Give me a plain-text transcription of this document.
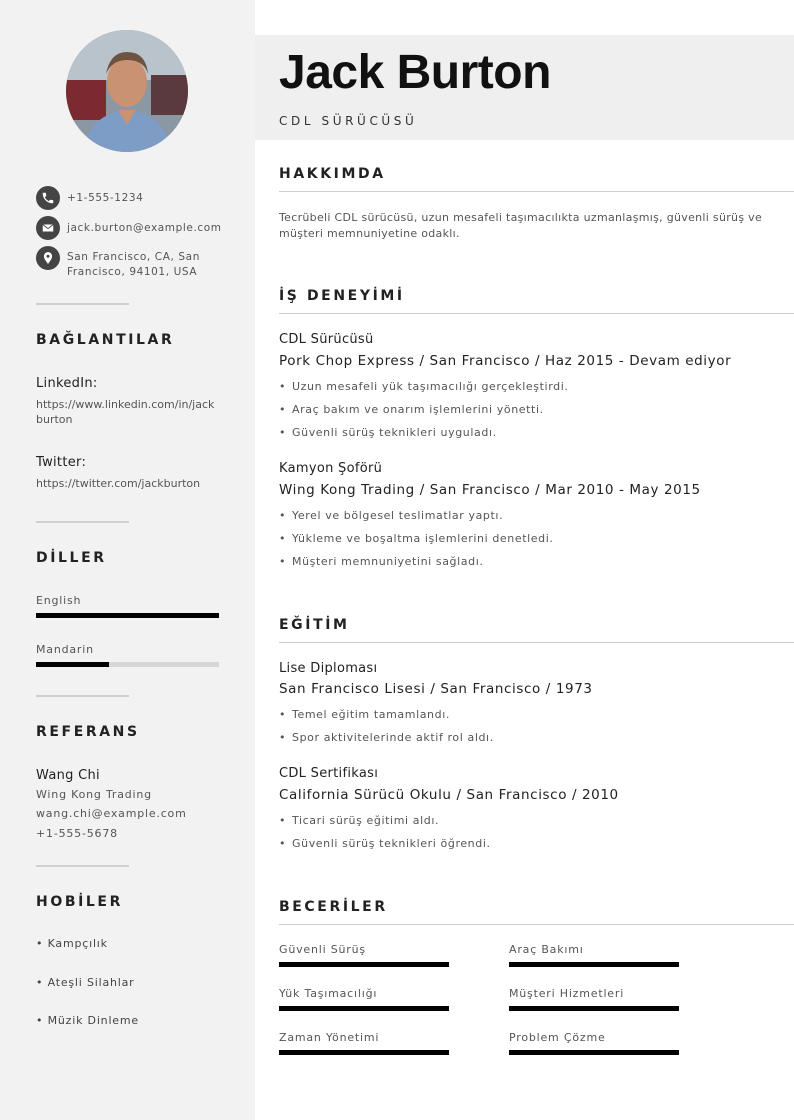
+1-555-1234
jack.burton@example.com
San Francisco, CA, San Francisco, 94101, USA
BAĞLANTILAR
LinkedIn:
https://www.linkedin.com/in/jackburton
Twitter:
https://twitter.com/jackburton
DİLLER
English
Mandarin
REFERANS
Wang Chi
Wing Kong Trading
wang.chi@example.com
+1-555-5678
HOBİLER
• Kampçılık
• Ateşli Silahlar
• Müzik Dinleme
Jack Burton
CDL SÜRÜCÜSÜ
HAKKIMDA
Tecrübeli CDL sürücüsü, uzun mesafeli taşımacılıkta uzmanlaşmış, güvenli sürüş ve müşteri memnuniyetine odaklı.
İŞ DENEYİMİ
CDL Sürücüsü
Pork Chop Express / San Francisco / Haz 2015 - Devam ediyor
• Uzun mesafeli yük taşımacılığı gerçekleştirdi.
• Araç bakım ve onarım işlemlerini yönetti.
• Güvenli sürüş teknikleri uyguladı.
Kamyon Şoförü
Wing Kong Trading / San Francisco / Mar 2010 - May 2015
• Yerel ve bölgesel teslimatlar yaptı.
• Yükleme ve boşaltma işlemlerini denetledi.
• Müşteri memnuniyetini sağladı.
EĞİTİM
Lise Diploması
San Francisco Lisesi / San Francisco / 1973
• Temel eğitim tamamlandı.
• Spor aktivitelerinde aktif rol aldı.
CDL Sertifikası
California Sürücü Okulu / San Francisco / 2010
• Ticari sürüş eğitimi aldı.
• Güvenli sürüş teknikleri öğrendi.
BECERİLER
Güvenli Sürüş	Araç Bakımı
Yük Taşımacılığı	Müşteri Hizmetleri
Zaman Yönetimi	Problem Çözme
